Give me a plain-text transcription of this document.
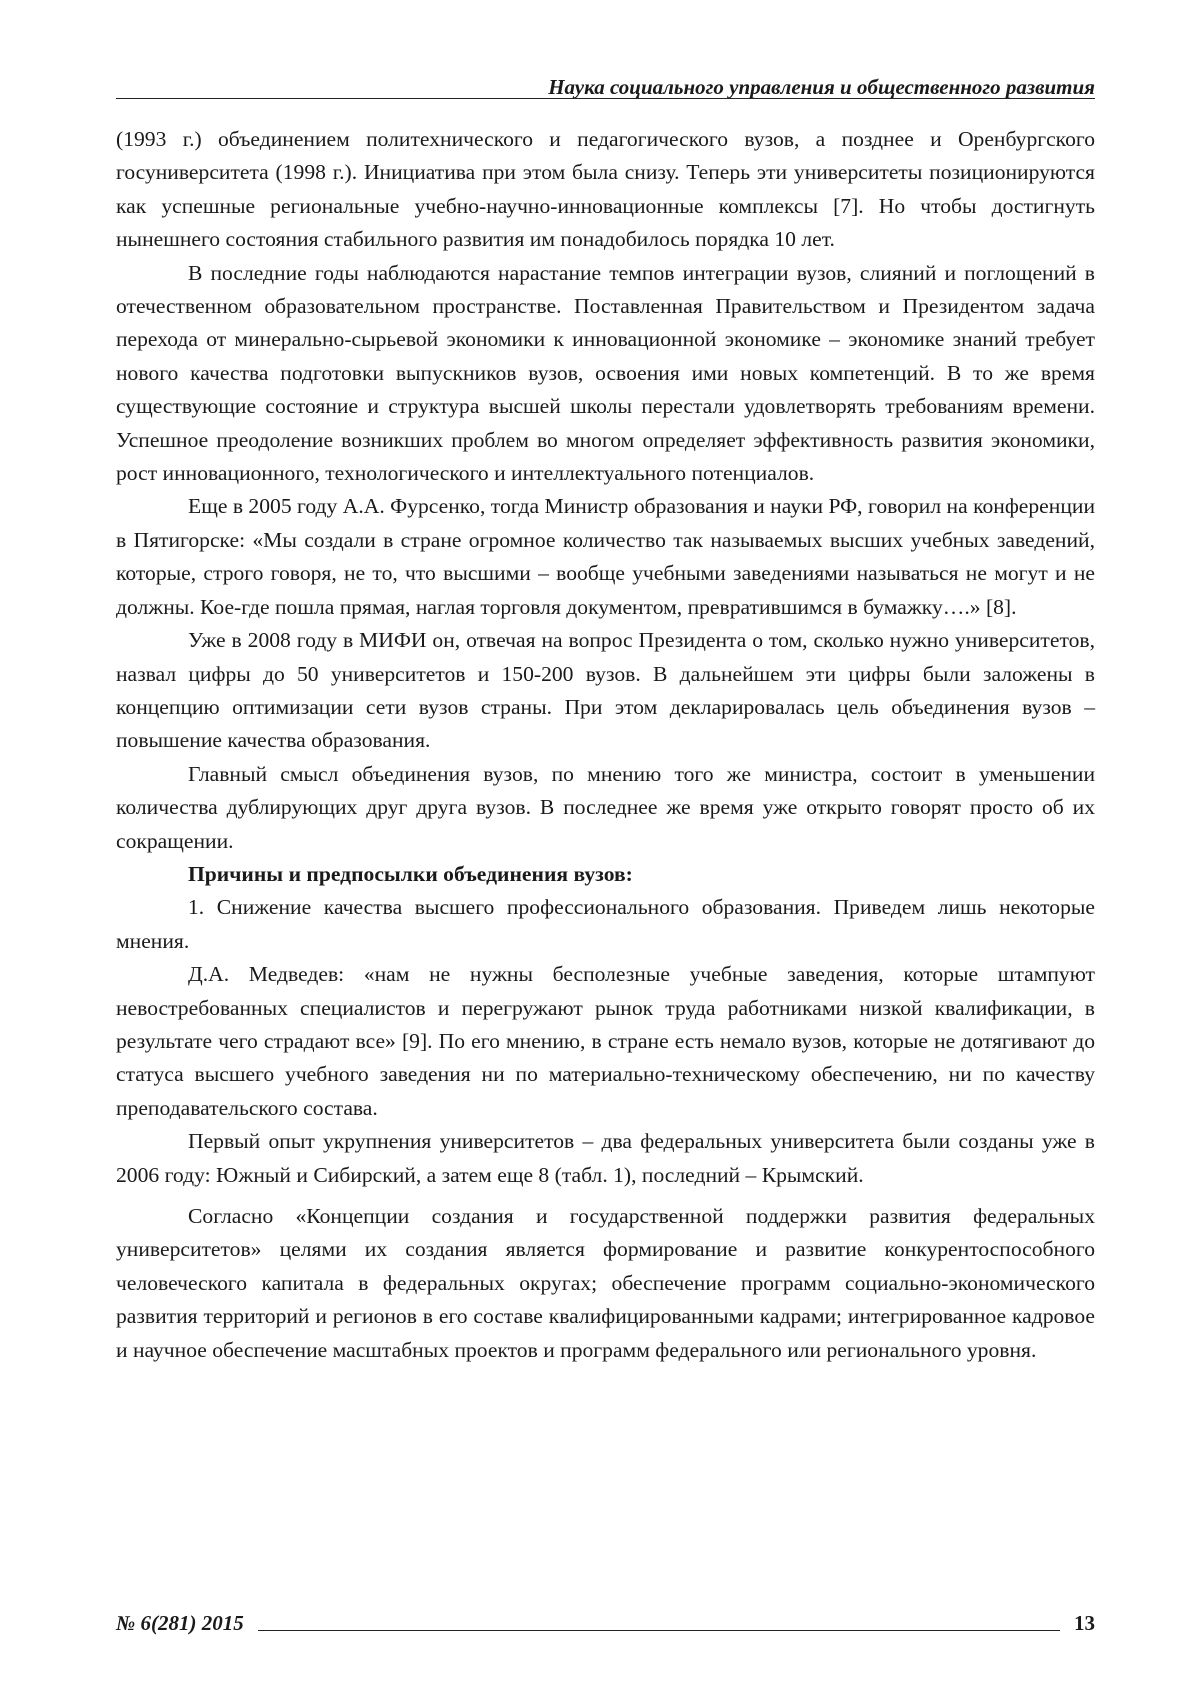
Наука социального управления и общественного развития

(1993 г.) объединением политехнического и педагогического вузов, а позднее и Оренбургского госуниверситета (1998 г.). Инициатива при этом была снизу. Теперь эти университеты позиционируются как успешные региональные учебно-научно-инновационные комплексы [7]. Но чтобы достигнуть нынешнего состояния стабильного развития им понадобилось порядка 10 лет.

В последние годы наблюдаются нарастание темпов интеграции вузов, слияний и поглощений в отечественном образовательном пространстве. Поставленная Правительством и Президентом задача перехода от минерально-сырьевой экономики к инновационной экономике – экономике знаний требует нового качества подготовки выпускников вузов, освоения ими новых компетенций. В то же время существующие состояние и структура высшей школы перестали удовлетворять требованиям времени. Успешное преодоление возникших проблем во многом определяет эффективность развития экономики, рост инновационного, технологического и интеллектуального потенциалов.

Еще в 2005 году А.А. Фурсенко, тогда Министр образования и науки РФ, говорил на конференции в Пятигорске: «Мы создали в стране огромное количество так называемых высших учебных заведений, которые, строго говоря, не то, что высшими – вообще учебными заведениями называться не могут и не должны. Кое-где пошла прямая, наглая торговля документом, превратившимся в бумажку….» [8].

Уже в 2008 году в МИФИ он, отвечая на вопрос Президента о том, сколько нужно университетов, назвал цифры до 50 университетов и 150-200 вузов. В дальнейшем эти цифры были заложены в концепцию оптимизации сети вузов страны. При этом декларировалась цель объединения вузов – повышение качества образования.

Главный смысл объединения вузов, по мнению того же министра, состоит в уменьшении количества дублирующих друг друга вузов. В последнее же время уже открыто говорят просто об их сокращении.

Причины и предпосылки объединения вузов:

1. Снижение качества высшего профессионального образования. Приведем лишь некоторые мнения.

Д.А. Медведев: «нам не нужны бесполезные учебные заведения, которые штампуют невостребованных специалистов и перегружают рынок труда работниками низкой квалификации, в результате чего страдают все» [9]. По его мнению, в стране есть немало вузов, которые не дотягивают до статуса высшего учебного заведения ни по материально-техническому обеспечению, ни по качеству преподавательского состава.

Первый опыт укрупнения университетов – два федеральных университета были созданы уже в 2006 году: Южный и Сибирский, а затем еще 8 (табл. 1), последний – Крымский.

Согласно «Концепции создания и государственной поддержки развития федеральных университетов» целями их создания является формирование и развитие конкурентоспособного человеческого капитала в федеральных округах; обеспечение программ социально-экономического развития территорий и регионов в его составе квалифицированными кадрами; интегрированное кадровое и научное обеспечение масштабных проектов и программ федерального или регионального уровня.

№ 6(281) 2015	13
